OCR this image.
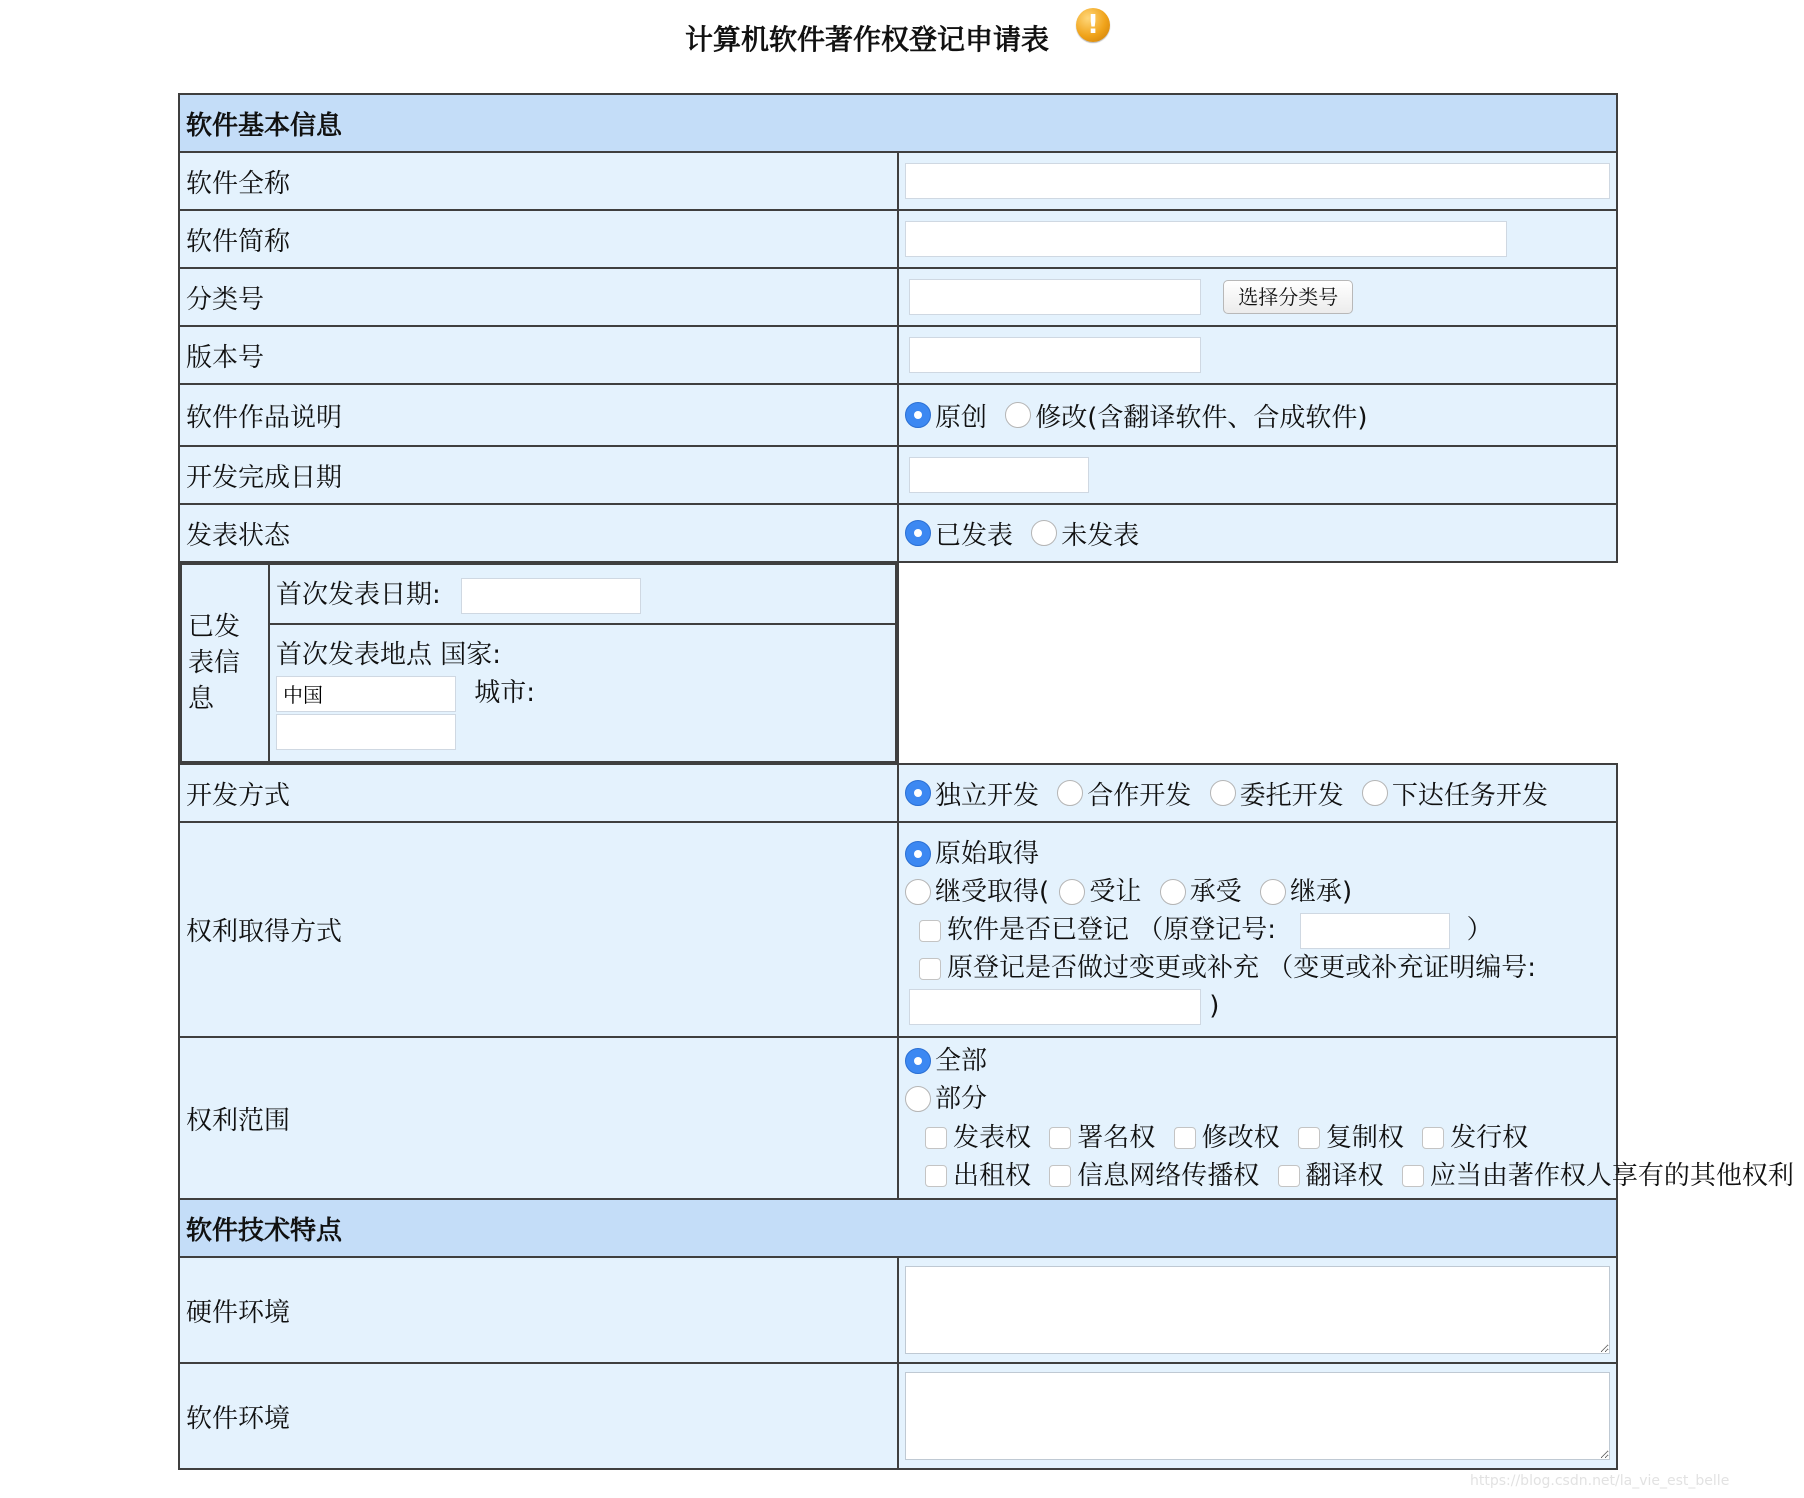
计算机软件著作权登记申请表	!
软件基本信息
软件全称	
软件简称	
分类号	选择分类号
版本号	
软件作品说明	原创 修改(含翻译软件、合成软件)
开发完成日期	
发表状态	已发表 未发表

已发表信息	首次发表日期:

首次发表地点 国家:
中国 城市:

开发方式	独立开发 合作开发 委托开发 下达任务开发
权利取得方式	
原始取得
继受取得( 受让 承受 继承)
软件是否已登记 （原登记号:	）
原登记是否做过变更或补充 （变更或补充证明编号:
)

权利范围	
全部
部分
发表权 署名权 修改权 复制权 发行权
出租权 信息网络传播权 翻译权 应当由著作权人享有的其他权利

软件技术特点
硬件环境	

软件环境	
https://blog.csdn.net/la_vie_est_belle
